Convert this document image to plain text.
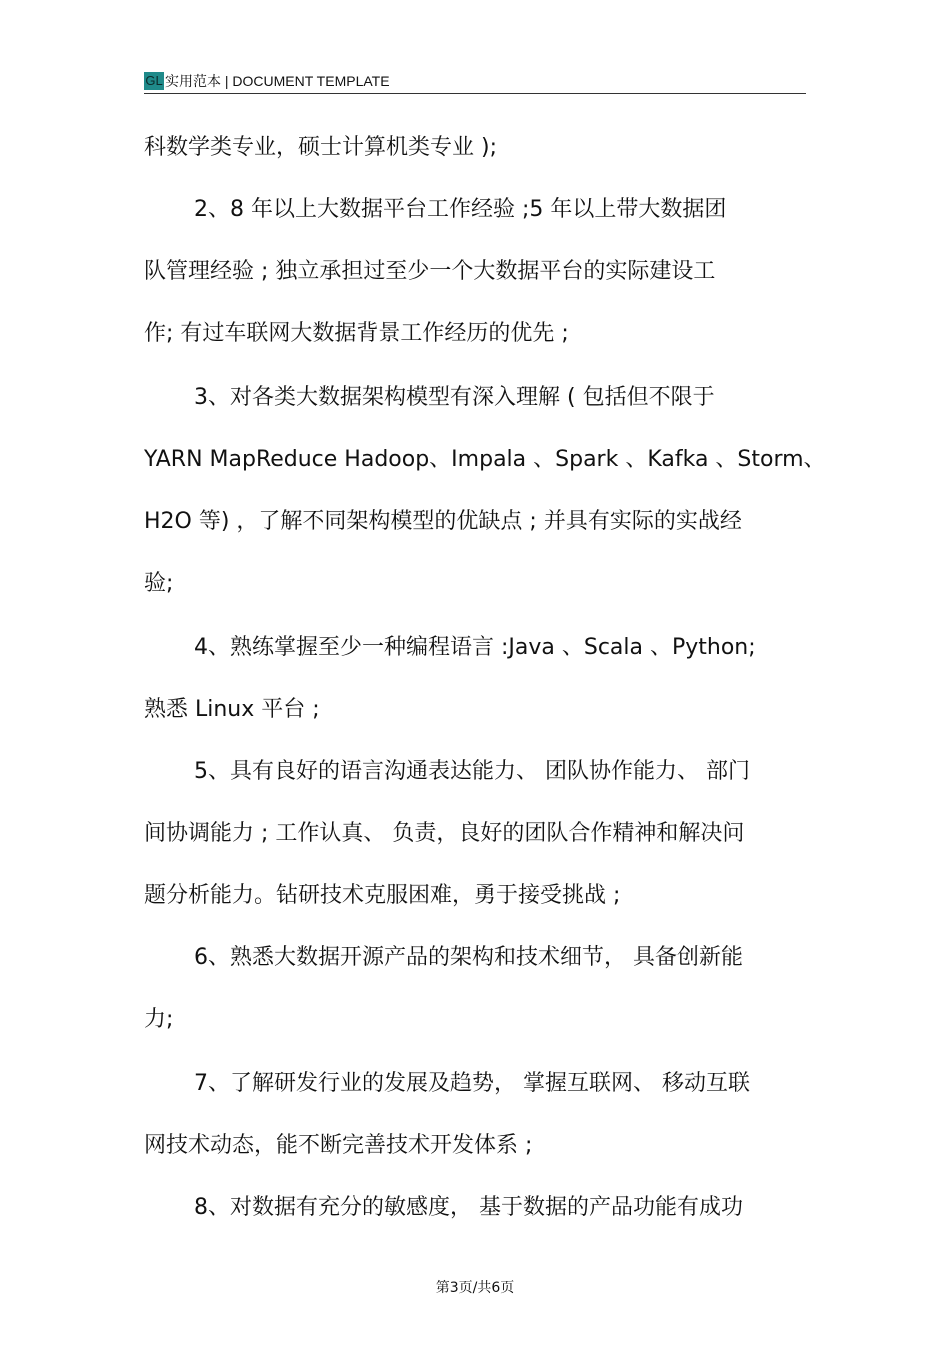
GL 实用范本 | DOCUMENT TEMPLATE
科数学类专业，硕士计算机类专业 );
2、8 年以上大数据平台工作经验 ;5 年以上带大数据团
队管理经验 ; 独立承担过至少一个大数据平台的实际建设工
作; 有过车联网大数据背景工作经历的优先 ;
3、对各类大数据架构模型有深入理解 ( 包括但不限于
YARN MapReduce Hadoop、Impala 、Spark 、Kafka 、Storm、
H2O 等) ，了解不同架构模型的优缺点 ; 并具有实际的实战经
验;
4、熟练掌握至少一种编程语言 :Java 、Scala 、Python;
熟悉 Linux 平台 ;
5、具有良好的语言沟通表达能力、 团队协作能力、 部门
间协调能力 ; 工作认真、 负责，良好的团队合作精神和解决问
题分析能力。钻研技术克服困难，勇于接受挑战 ;
6、熟悉大数据开源产品的架构和技术细节， 具备创新能
力;
7、了解研发行业的发展及趋势， 掌握互联网、 移动互联
网技术动态，能不断完善技术开发体系 ;
8、对数据有充分的敏感度， 基于数据的产品功能有成功
第3页/共6页
